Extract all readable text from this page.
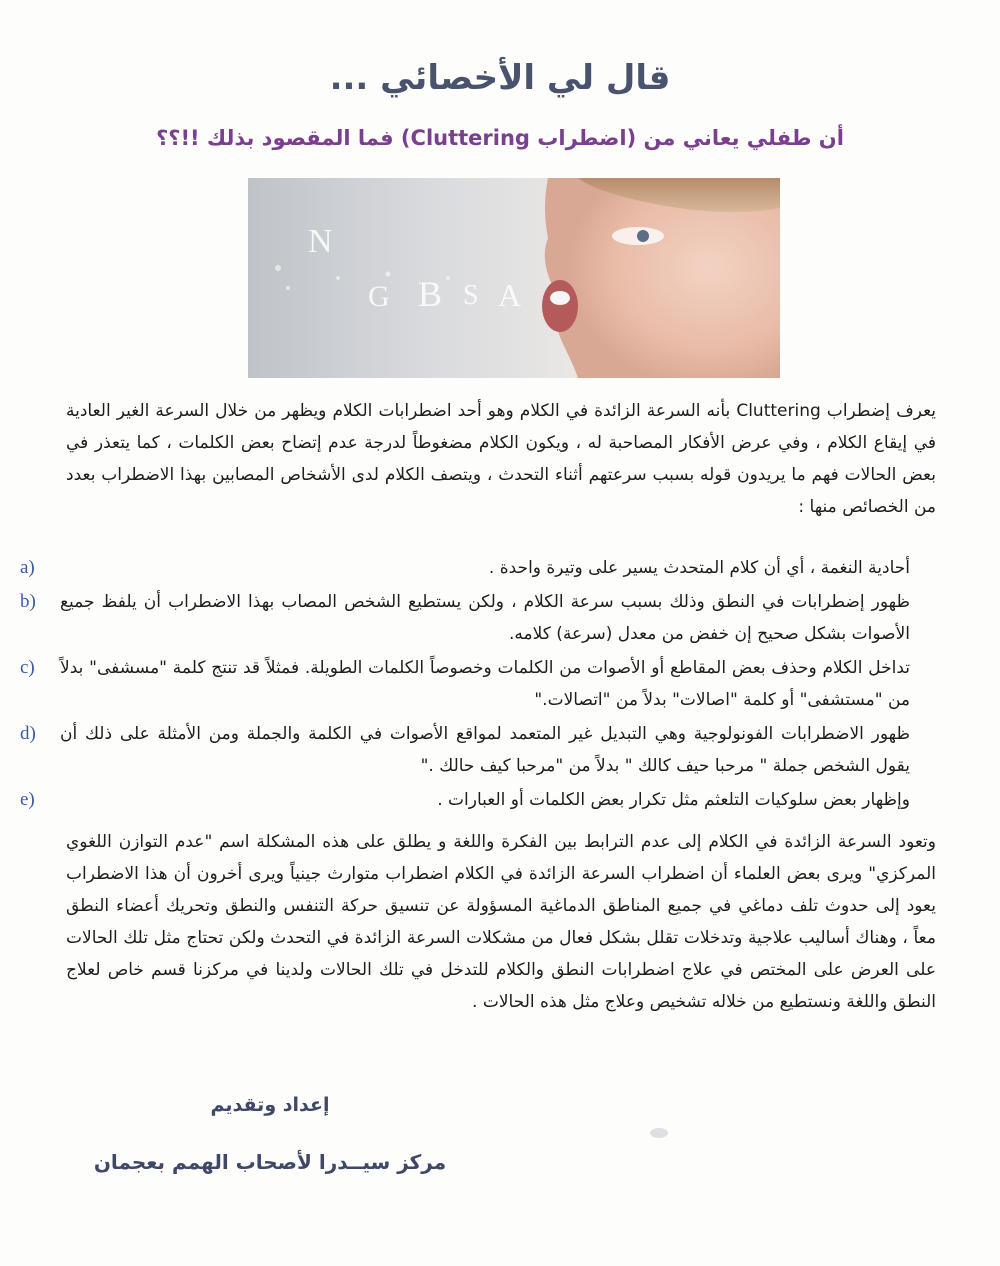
قال لي الأخصائي ...
أن طفلي يعاني من (اضطراب Cluttering) فما المقصود بذلك !!؟؟
N
G B S A

يعرف إضطراب Cluttering بأنه السرعة الزائدة في الكلام وهو أحد اضطرابات الكلام ويظهر من خلال السرعة الغير العادية في إيقاع الكلام ، وفي عرض الأفكار المصاحبة له ، ويكون الكلام مضغوطاً لدرجة عدم إتضاح بعض الكلمات ، كما يتعذر في بعض الحالات فهم ما يريدون قوله بسبب سرعتهم أثناء التحدث ، ويتصف الكلام لدى الأشخاص المصابين بهذا الاضطراب بعدد من الخصائص منها :

a)	أحادية النغمة ، أي أن كلام المتحدث يسير على وتيرة واحدة .
b)	ظهور إضطرابات في النطق وذلك بسبب سرعة الكلام ، ولكن يستطيع الشخص المصاب بهذا الاضطراب أن يلفظ جميع الأصوات بشكل صحيح إن خفض من معدل (سرعة) كلامه.
c)	تداخل الكلام وحذف بعض المقاطع أو الأصوات من الكلمات وخصوصاً الكلمات الطويلة. فمثلاً قد تنتج كلمة "مسشفى" بدلاً من "مستشفى" أو كلمة "اصالات" بدلاً من "اتصالات."
d)	ظهور الاضطرابات الفونولوجية وهي التبديل غير المتعمد لمواقع الأصوات في الكلمة والجملة ومن الأمثلة على ذلك أن يقول الشخص جملة " مرحبا حيف كالك " بدلاً من "مرحبا كيف حالك ."
e)	وإظهار بعض سلوكيات التلعثم مثل تكرار بعض الكلمات أو العبارات .

وتعود السرعة الزائدة في الكلام إلى عدم الترابط بين الفكرة واللغة و يطلق على هذه المشكلة اسم "عدم التوازن اللغوي المركزي" ويرى بعض العلماء أن اضطراب السرعة الزائدة في الكلام اضطراب متوارث جينياً ويرى أخرون أن هذا الاضطراب يعود إلى حدوث تلف دماغي في جميع المناطق الدماغية المسؤولة عن تنسيق حركة التنفس والنطق وتحريك أعضاء النطق معاً ، وهناك أساليب علاجية وتدخلات تقلل بشكل فعال من مشكلات السرعة الزائدة في التحدث ولكن تحتاج مثل تلك الحالات على العرض على المختص في علاج اضطرابات النطق والكلام للتدخل في تلك الحالات ولدينا في مركزنا قسم خاص لعلاج النطق واللغة ونستطيع من خلاله تشخيص وعلاج مثل هذه الحالات .

إعداد وتقديم

مركز سيــدرا لأصحاب الهمم بعجمان
